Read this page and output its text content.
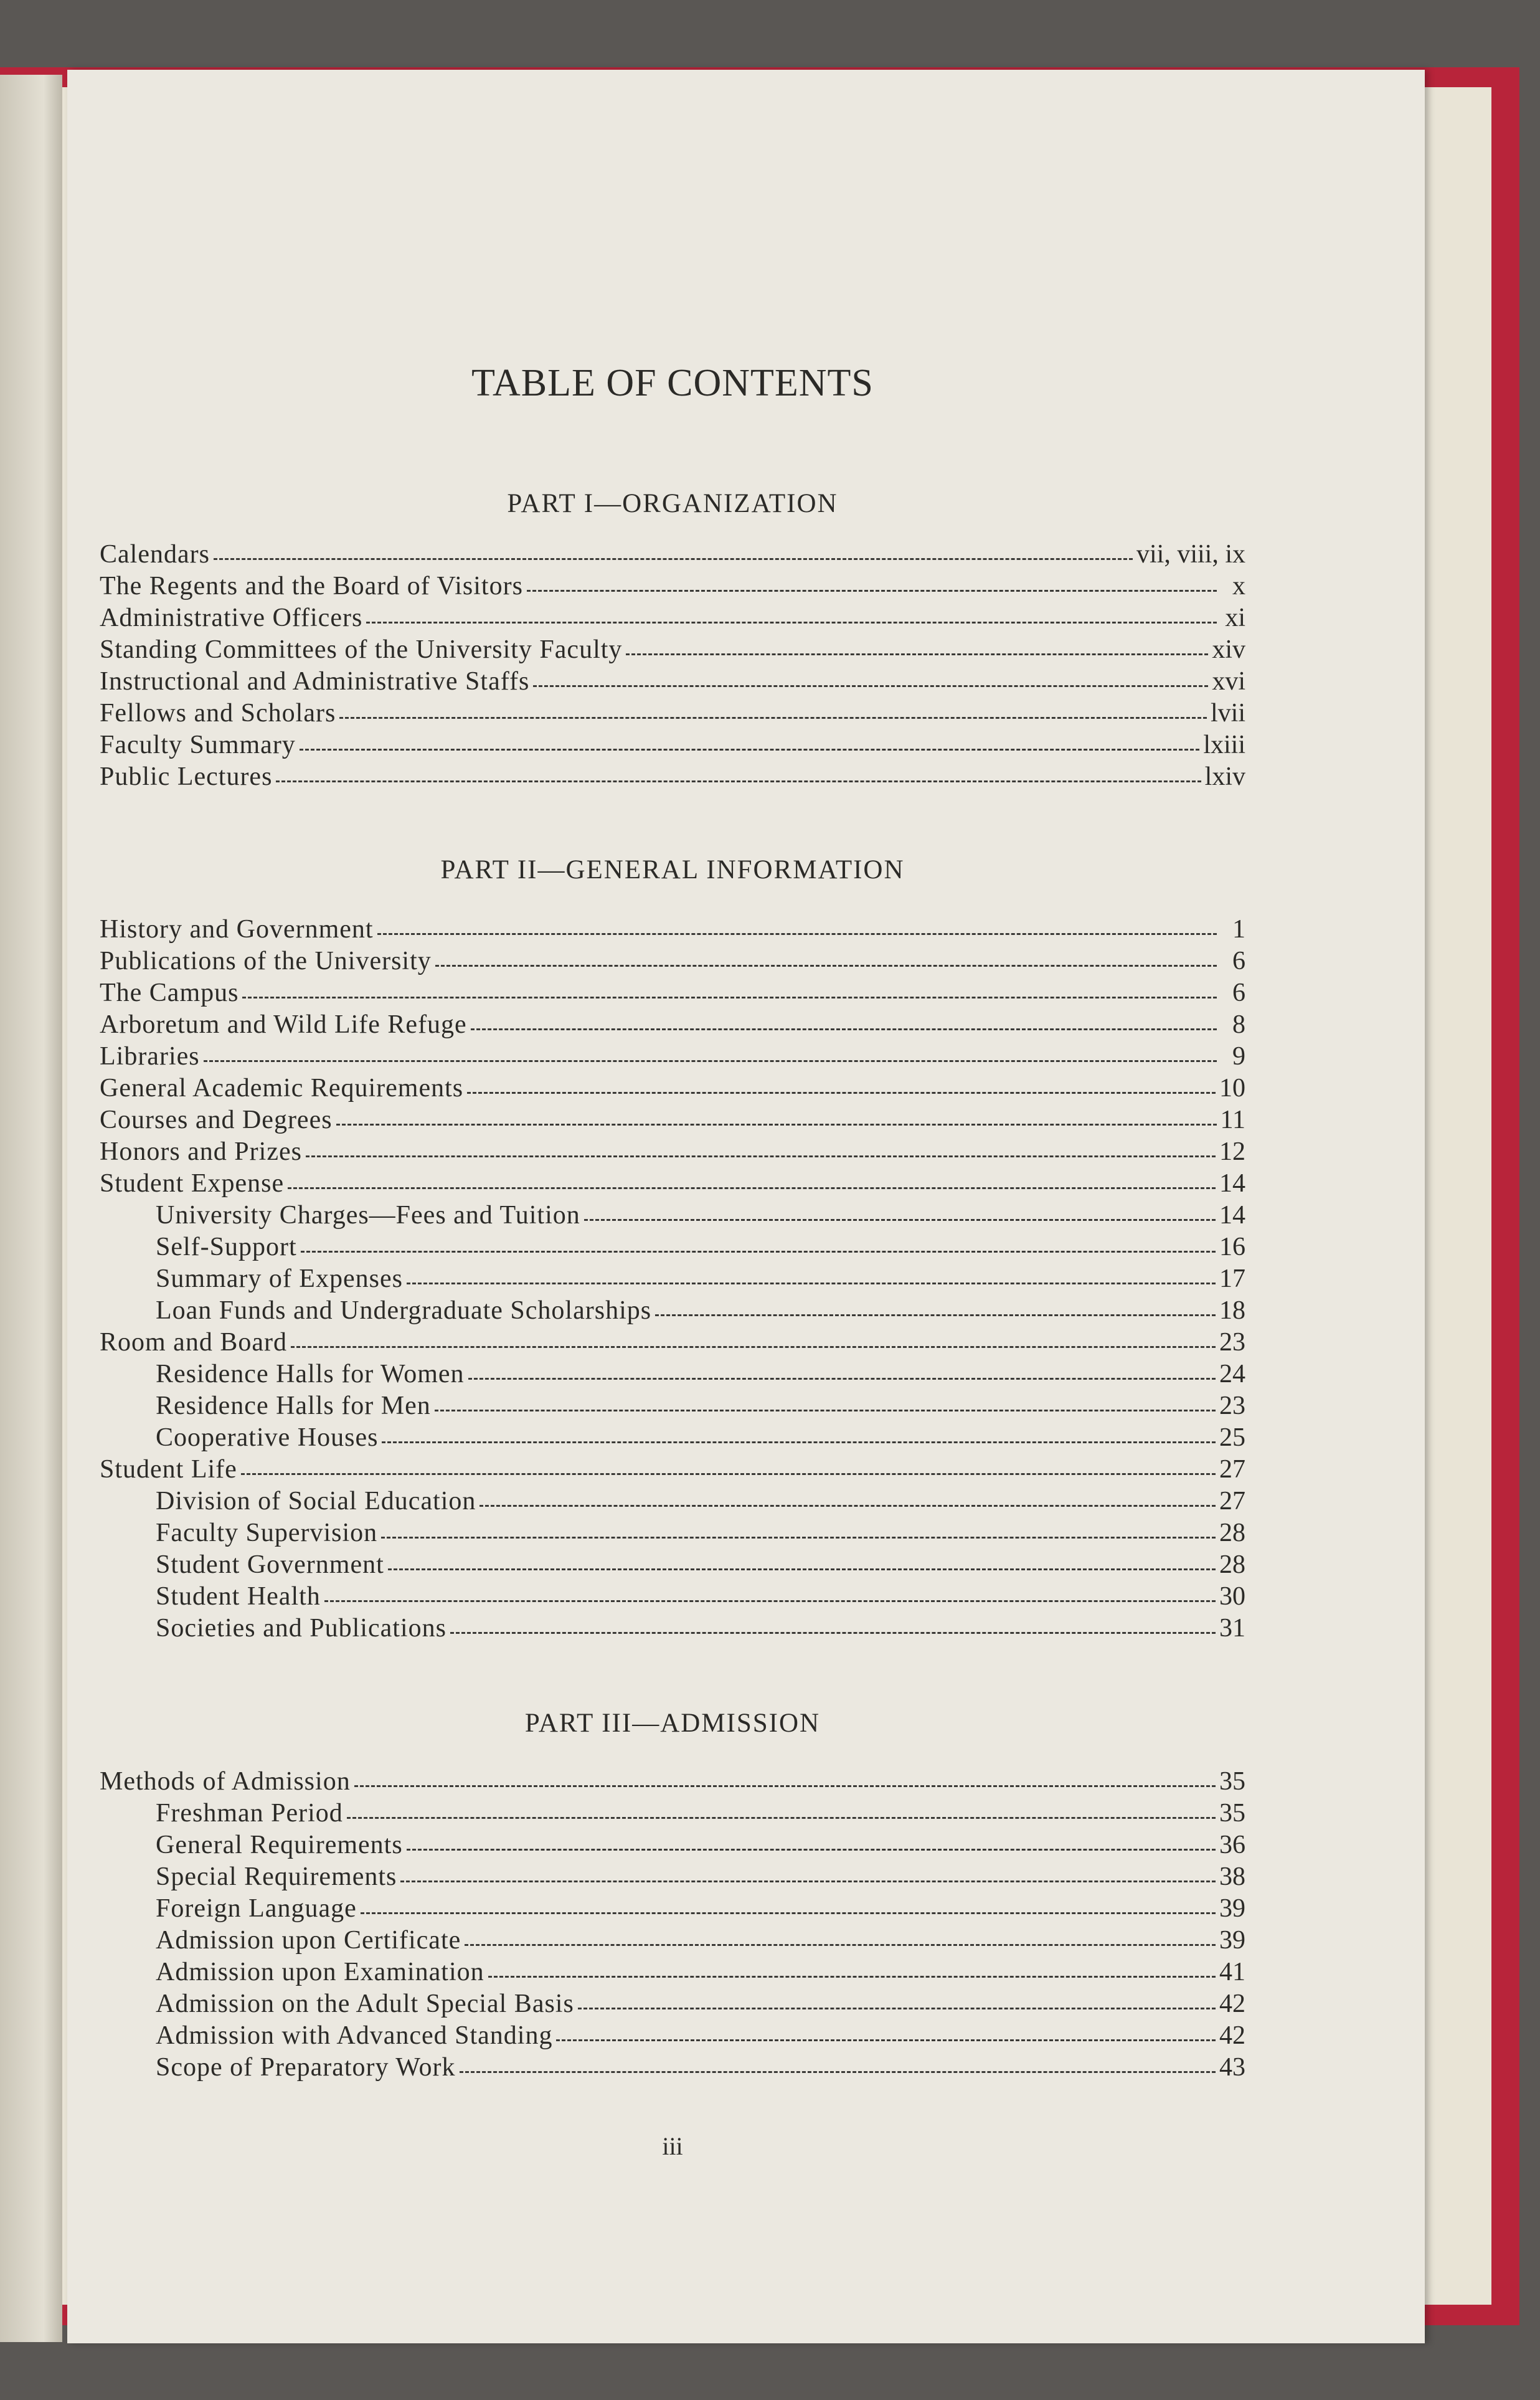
TABLE OF CONTENTS
PART I—ORGANIZATION
Calendars	vii, viii, ix
The Regents and the Board of Visitors	x
Administrative Officers	xi
Standing Committees of the University Faculty	xiv
Instructional and Administrative Staffs	xvi
Fellows and Scholars	lvii
Faculty Summary	lxiii
Public Lectures	lxiv
PART II—GENERAL INFORMATION
History and Government	1
Publications of the University	6
The Campus	6
Arboretum and Wild Life Refuge	8
Libraries	9
General Academic Requirements	10
Courses and Degrees	11
Honors and Prizes	12
Student Expense	14
University Charges—Fees and Tuition	14
Self-Support	16
Summary of Expenses	17
Loan Funds and Undergraduate Scholarships	18
Room and Board	23
Residence Halls for Women	24
Residence Halls for Men	23
Cooperative Houses	25
Student Life	27
Division of Social Education	27
Faculty Supervision	28
Student Government	28
Student Health	30
Societies and Publications	31
PART III—ADMISSION
Methods of Admission	35
Freshman Period	35
General Requirements	36
Special Requirements	38
Foreign Language	39
Admission upon Certificate	39
Admission upon Examination	41
Admission on the Adult Special Basis	42
Admission with Advanced Standing	42
Scope of Preparatory Work	43
iii
